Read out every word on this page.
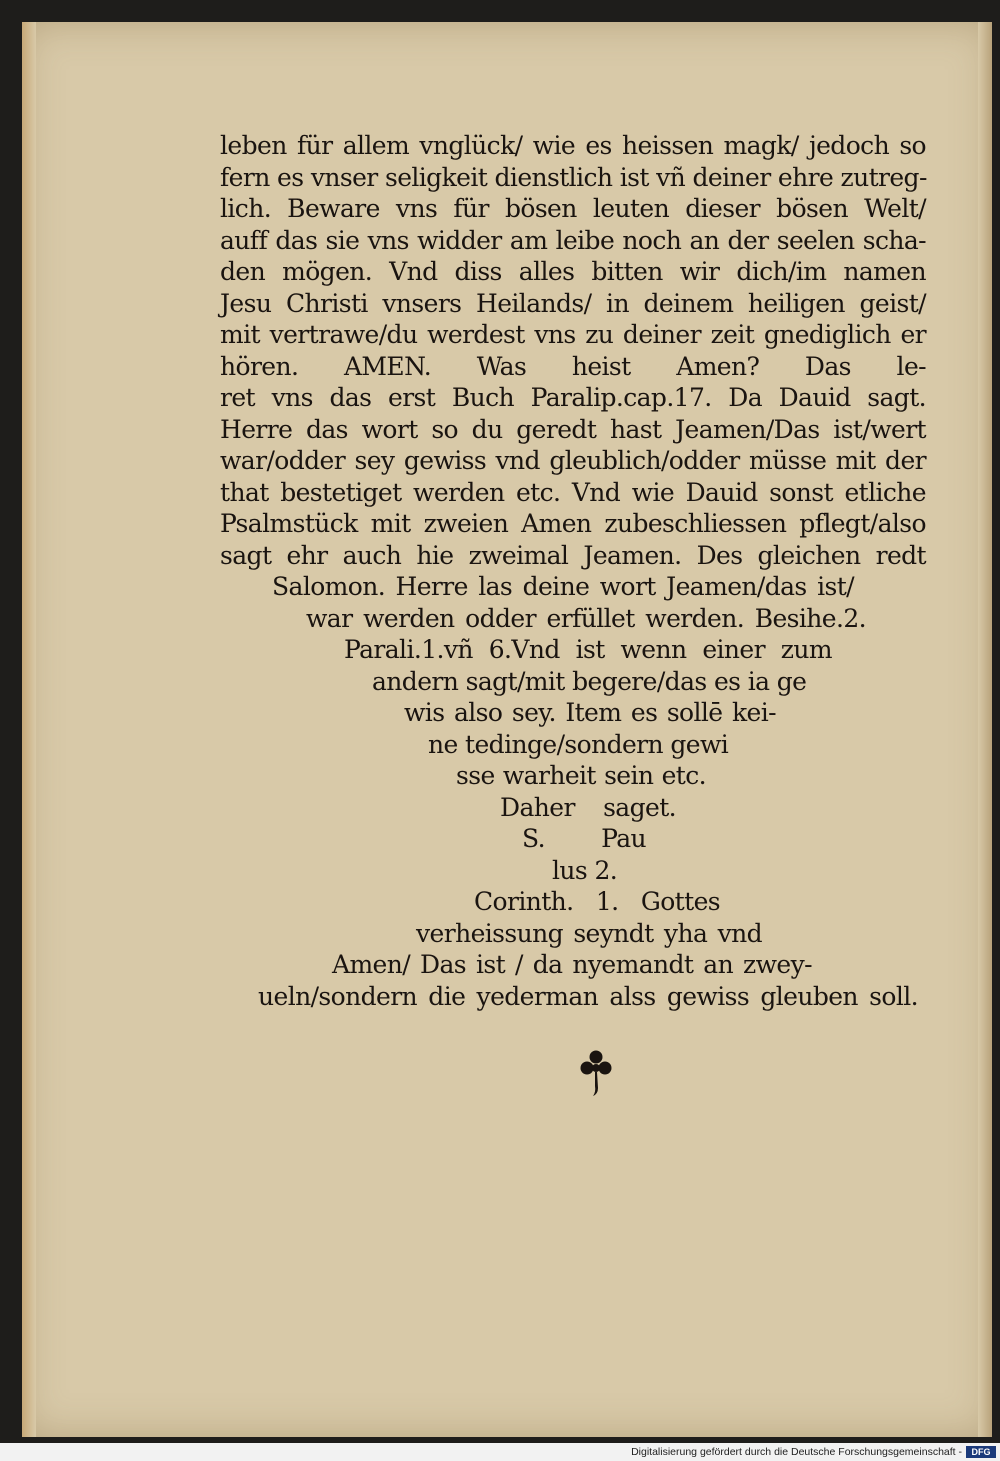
leben für allem vnglück/ wie es heissen magk/ jedoch so
fern es vnser seligkeit dienstlich ist vñ deiner ehre zutreg-
lich. Beware vns für bösen leuten dieser bösen Welt/
auff das sie vns widder am leibe noch an der seelen scha-
den mögen. Vnd diss alles bitten wir dich/im namen
Jesu Christi vnsers Heilands/ in deinem heiligen geist/
mit vertrawe/du werdest vns zu deiner zeit gnediglich er
hören. AMEN. Was heist Amen? Das le-
ret vns das erst Buch Paralip.cap.17. Da Dauid sagt.
Herre das wort so du geredt hast Jeamen/Das ist/wert
war/odder sey gewiss vnd gleublich/odder müsse mit der
that bestetiget werden etc. Vnd wie Dauid sonst etliche
Psalmstück mit zweien Amen zubeschliessen pflegt/also
sagt ehr auch hie zweimal Jeamen. Des gleichen redt
Salomon. Herre las deine wort Jeamen/das ist/
war werden odder erfüllet werden. Besihe.2.
Parali.1.vñ 6.Vnd ist wenn einer zum
andern sagt/mit begere/das es ia ge
wis also sey. Item es sollē kei-
ne tedinge/sondern gewi
sse warheit sein etc.
Daher saget.
S. Pau
lus 2.
Corinth. 1. Gottes
verheissung seyndt yha vnd
Amen/ Das ist / da nyemandt an zwey-
ueln/sondern die yederman alss gewiss gleuben soll.
Digitalisierung gefördert durch die Deutsche Forschungsgemeinschaft -	DFG
